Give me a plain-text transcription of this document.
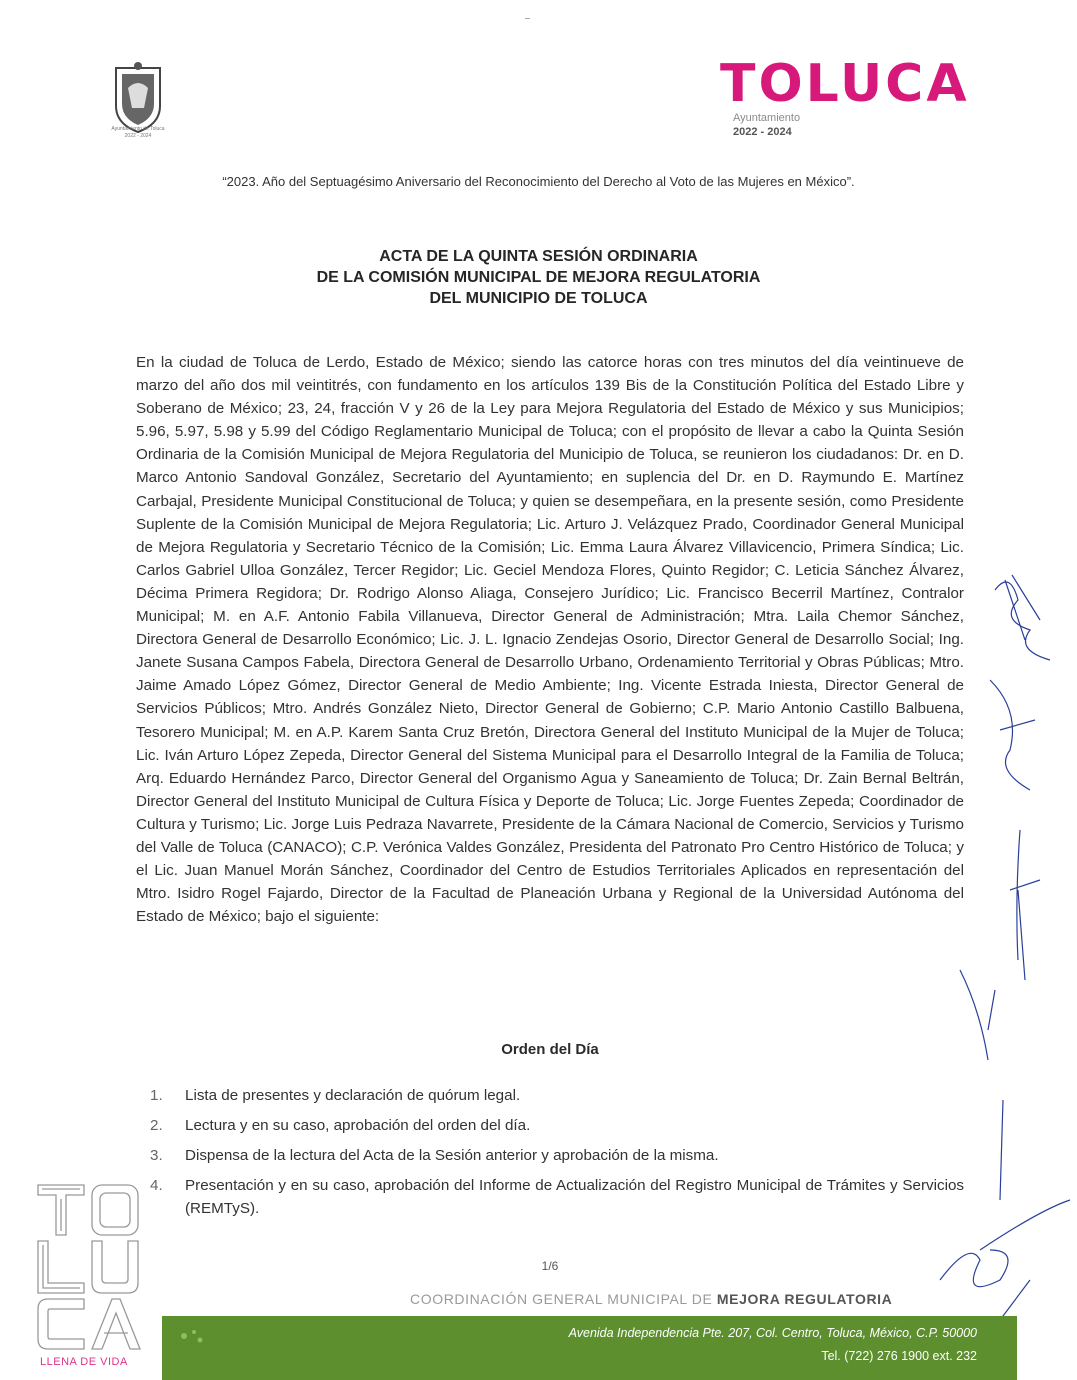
Ayuntamiento de Toluca
2022 - 2024
TOLUCA
Ayuntamiento
2022 - 2024
“2023. Año del Septuagésimo Aniversario del Reconocimiento del Derecho al Voto de las Mujeres en México”.
ACTA DE LA QUINTA SESIÓN ORDINARIA
DE LA COMISIÓN MUNICIPAL DE MEJORA REGULATORIA
DEL MUNICIPIO DE TOLUCA
En la ciudad de Toluca de Lerdo, Estado de México; siendo las catorce horas con tres minutos del día veintinueve de marzo del año dos mil veintitrés, con fundamento en los artículos 139 Bis de la Constitución Política del Estado Libre y Soberano de México; 23, 24, fracción V y 26 de la Ley para Mejora Regulatoria del Estado de México y sus Municipios; 5.96, 5.97, 5.98 y 5.99 del Código Reglamentario Municipal de Toluca; con el propósito de llevar a cabo la Quinta Sesión Ordinaria de la Comisión Municipal de Mejora Regulatoria del Municipio de Toluca, se reunieron los ciudadanos: Dr. en D. Marco Antonio Sandoval González, Secretario del Ayuntamiento; en suplencia del Dr. en D. Raymundo E. Martínez Carbajal, Presidente Municipal Constitucional de Toluca; y quien se desempeñara, en la presente sesión, como Presidente Suplente de la Comisión Municipal de Mejora Regulatoria; Lic. Arturo J. Velázquez Prado, Coordinador General Municipal de Mejora Regulatoria y Secretario Técnico de la Comisión; Lic. Emma Laura Álvarez Villavicencio, Primera Síndica; Lic. Carlos Gabriel Ulloa González, Tercer Regidor; Lic. Geciel Mendoza Flores, Quinto Regidor; C. Leticia Sánchez Álvarez, Décima Primera Regidora; Dr. Rodrigo Alonso Aliaga, Consejero Jurídico; Lic. Francisco Becerril Martínez, Contralor Municipal; M. en A.F. Antonio Fabila Villanueva, Director General de Administración; Mtra. Laila Chemor Sánchez, Directora General de Desarrollo Económico; Lic. J. L. Ignacio Zendejas Osorio, Director General de Desarrollo Social; Ing. Janete Susana Campos Fabela, Directora General de Desarrollo Urbano, Ordenamiento Territorial y Obras Públicas; Mtro. Jaime Amado López Gómez, Director General de Medio Ambiente; Ing. Vicente Estrada Iniesta, Director General de Servicios Públicos; Mtro. Andrés González Nieto, Director General de Gobierno; C.P. Mario Antonio Castillo Balbuena, Tesorero Municipal; M. en A.P. Karem Santa Cruz Bretón, Directora General del Instituto Municipal de la Mujer de Toluca; Lic. Iván Arturo López Zepeda, Director General del Sistema Municipal para el Desarrollo Integral de la Familia de Toluca; Arq. Eduardo Hernández Parco, Director General del Organismo Agua y Saneamiento de Toluca; Dr. Zain Bernal Beltrán, Director General del Instituto Municipal de Cultura Física y Deporte de Toluca; Lic. Jorge Fuentes Zepeda; Coordinador de Cultura y Turismo; Lic. Jorge Luis Pedraza Navarrete, Presidente de la Cámara Nacional de Comercio, Servicios y Turismo del Valle de Toluca (CANACO); C.P. Verónica Valdes González, Presidenta del Patronato Pro Centro Histórico de Toluca; y el Lic. Juan Manuel Morán Sánchez, Coordinador del Centro de Estudios Territoriales Aplicados en representación del Mtro. Isidro Rogel Fajardo, Director de la Facultad de Planeación Urbana y Regional de la Universidad Autónoma del Estado de México; bajo el siguiente:
Orden del Día
1. Lista de presentes y declaración de quórum legal.
2. Lectura y en su caso, aprobación del orden del día.
3. Dispensa de la lectura del Acta de la Sesión anterior y aprobación de la misma.
4. Presentación y en su caso, aprobación del Informe de Actualización del Registro Municipal de Trámites y Servicios (REMTyS).
1/6
COORDINACIÓN GENERAL MUNICIPAL DE MEJORA REGULATORIA
Avenida Independencia Pte. 207, Col. Centro, Toluca, México, C.P. 50000
Tel. (722) 276 1900 ext. 232
LLENA DE VIDA
